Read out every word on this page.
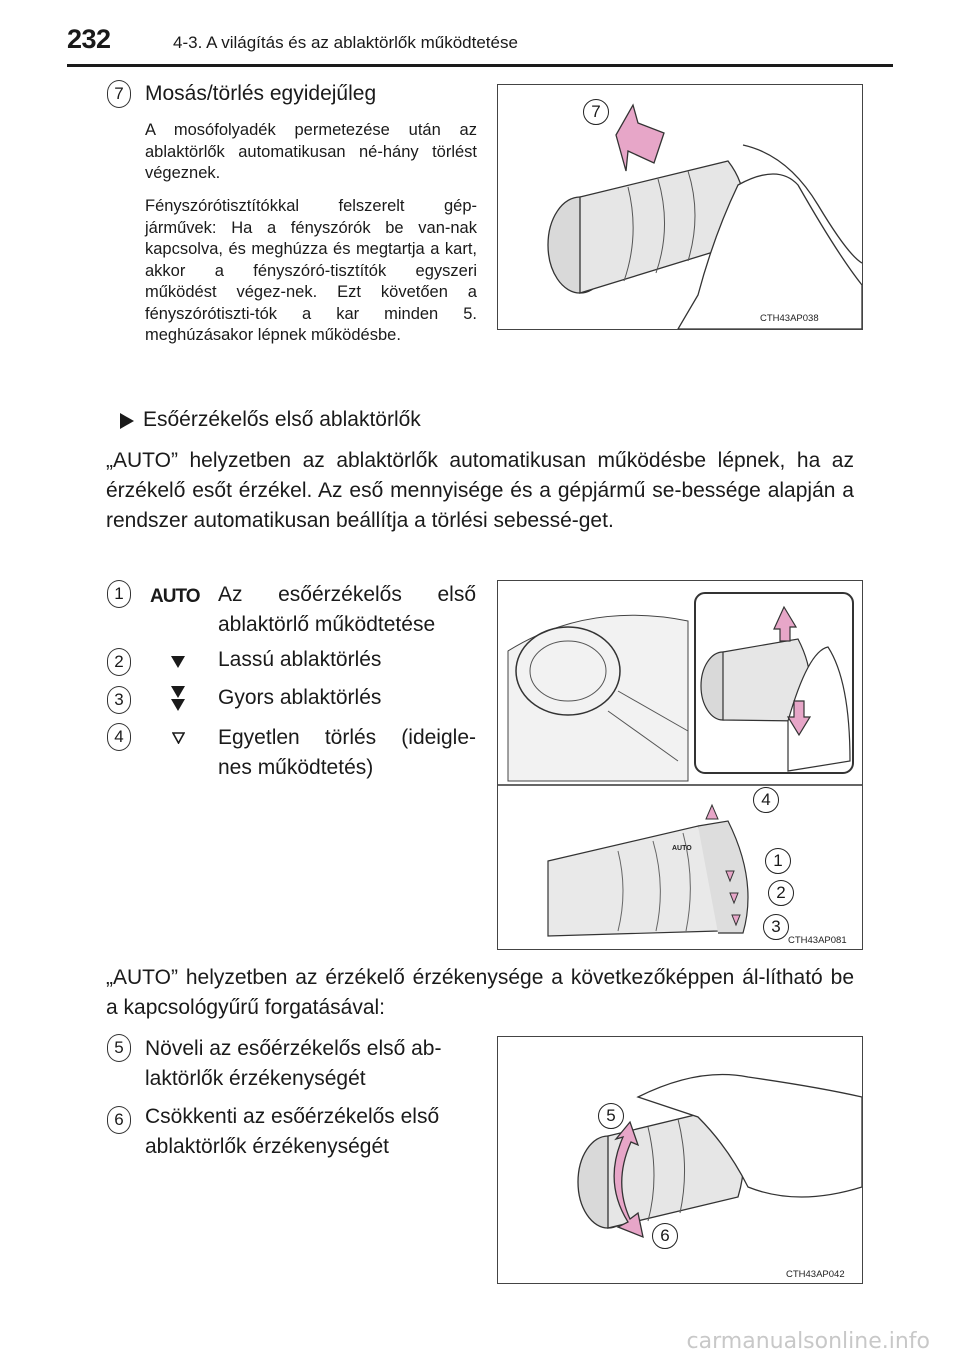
232	4-3. A világítás és az ablaktörlők működtetése
7	Mosás/törlés egyidejűleg
A mosófolyadék permetezése után az ablaktörlők automatikusan né-hány törlést végeznek.
Fényszórótisztítókkal felszerelt gép-járművek: Ha a fényszórók be van-nak kapcsolva, és meghúzza és megtartja a kart, akkor a fényszóró-tisztítók egyszeri működést végez-nek. Ezt követően a fényszórótiszti-tók a kar minden 5. meghúzásakor lépnek működésbe.
7
CTH43AP038
Esőérzékelős első ablaktörlők
„AUTO” helyzetben az ablaktörlők automatikusan működésbe lépnek, ha az érzékelő esőt érzékel. Az eső mennyisége és a gépjármű se-bessége alapján a rendszer automatikusan beállítja a törlési sebessé-get.
1	AUTO Az esőérzékelős első
ablaktörlő működtetése
2	Lassú ablaktörlés
3	Gyors ablaktörlés
4	Egyetlen törlés (ideigle-
nes működtetés)
AUTO
4
1
2
3
CTH43AP081
„AUTO” helyzetben az érzékelő érzékenysége a következőképpen ál-lítható be a kapcsológyűrű forgatásával:
5	Növeli az esőérzékelős első ab-laktörlők érzékenységét
6	Csökkenti az esőérzékelős első ablaktörlők érzékenységét
5
6
CTH43AP042
carmanualsonline.info
